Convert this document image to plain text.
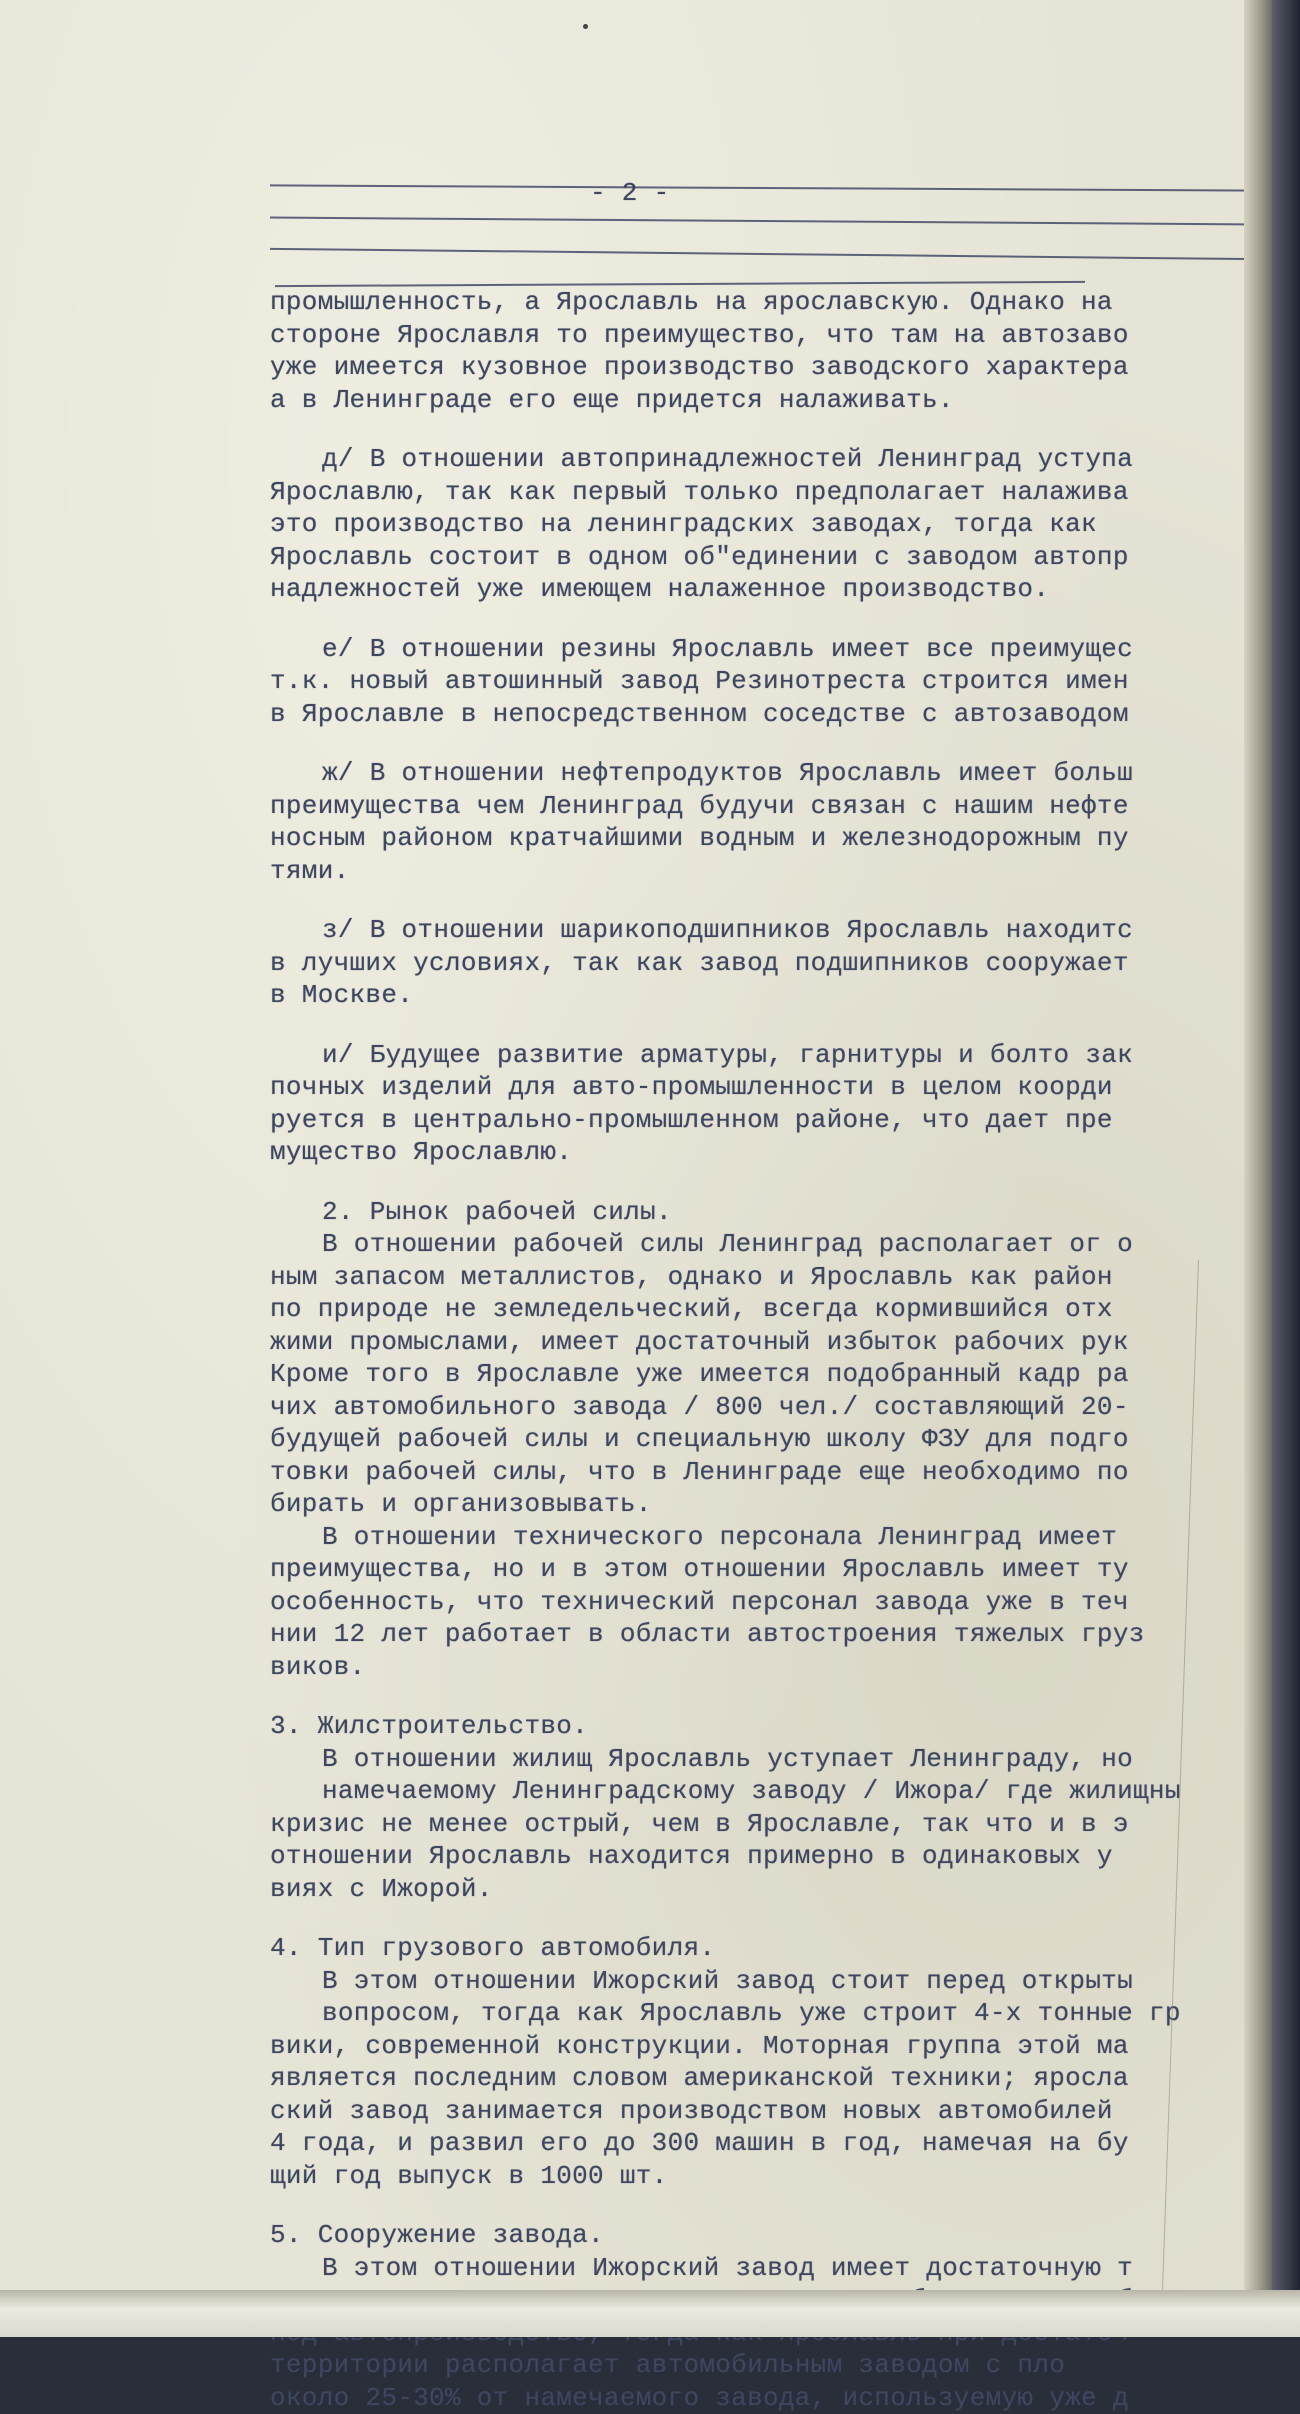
- 2 -

промышленность, а Ярославль на ярославскую. Однако на
стороне Ярославля то преимущество, что там на автозаво
уже имеется кузовное производство заводского характера
а в Ленинграде его еще придется налаживать.
д/ В отношении автопринадлежностей Ленинград уступа
Ярославлю, так как первый только предполагает налажива
это производство на ленинградских заводах, тогда как
Ярославль состоит в одном об"единении с заводом автопр
надлежностей уже имеющем налаженное производство.
е/ В отношении резины Ярославль имеет все преимущес
т.к. новый автошинный завод Резинотреста строится имен
в Ярославле в непосредственном соседстве с автозаводом
ж/ В отношении нефтепродуктов Ярославль имеет больш
преимущества чем Ленинград будучи связан с нашим нефте
носным районом кратчайшими водным и железнодорожным пу
тями.
з/ В отношении шарикоподшипников Ярославль находитс
в лучших условиях, так как завод подшипников сооружает
в Москве.
и/ Будущее развитие арматуры, гарнитуры и болто зак
почных изделий для авто-промышленности в целом коорди
руется в центрально-промышленном районе, что дает пре
мущество Ярославлю.
2. Рынок рабочей силы.
В отношении рабочей силы Ленинград располагает ог о
ным запасом металлистов, однако и Ярославль как район
по природе не земледельческий, всегда кормившийся отх
жими промыслами, имеет достаточный избыток рабочих рук
Кроме того в Ярославле уже имеется подобранный кадр ра
чих автомобильного завода / 800 чел./ составляющий 20-
будущей рабочей силы и специальную школу ФЗУ для подго
товки рабочей силы, что в Ленинграде еще необходимо по
бирать и организовывать.
В отношении технического персонала Ленинград имеет
преимущества, но и в этом отношении Ярославль имеет ту
особенность, что технический персонал завода уже в теч
нии 12 лет работает в области автостроения тяжелых груз
виков.
3. Жилстроительство.
В отношении жилищ Ярославль уступает Ленинграду, но
намечаемому Ленинградскому заводу / Ижора/ где жилищны
кризис не менее острый, чем в Ярославле, так что и в э
отношении Ярославль находится примерно в одинаковых у
виях с Ижорой.
4. Тип грузового автомобиля.
В этом отношении Ижорский завод стоит перед открыты
вопросом, тогда как Ярославль уже строит 4-х тонные гр
вики, современной конструкции. Моторная группа этой ма
является последним словом американской техники; яросла
ский завод занимается производством новых автомобилей
4 года, и развил его до 300 машин в год, намечая на бу
щий год выпуск в 1000 шт.
5. Сооружение завода.
В этом отношении Ижорский завод имеет достаточную т
территории располагает автомобильным заводом с пло
около 25-30% от намечаемого завода, используемую уже д
